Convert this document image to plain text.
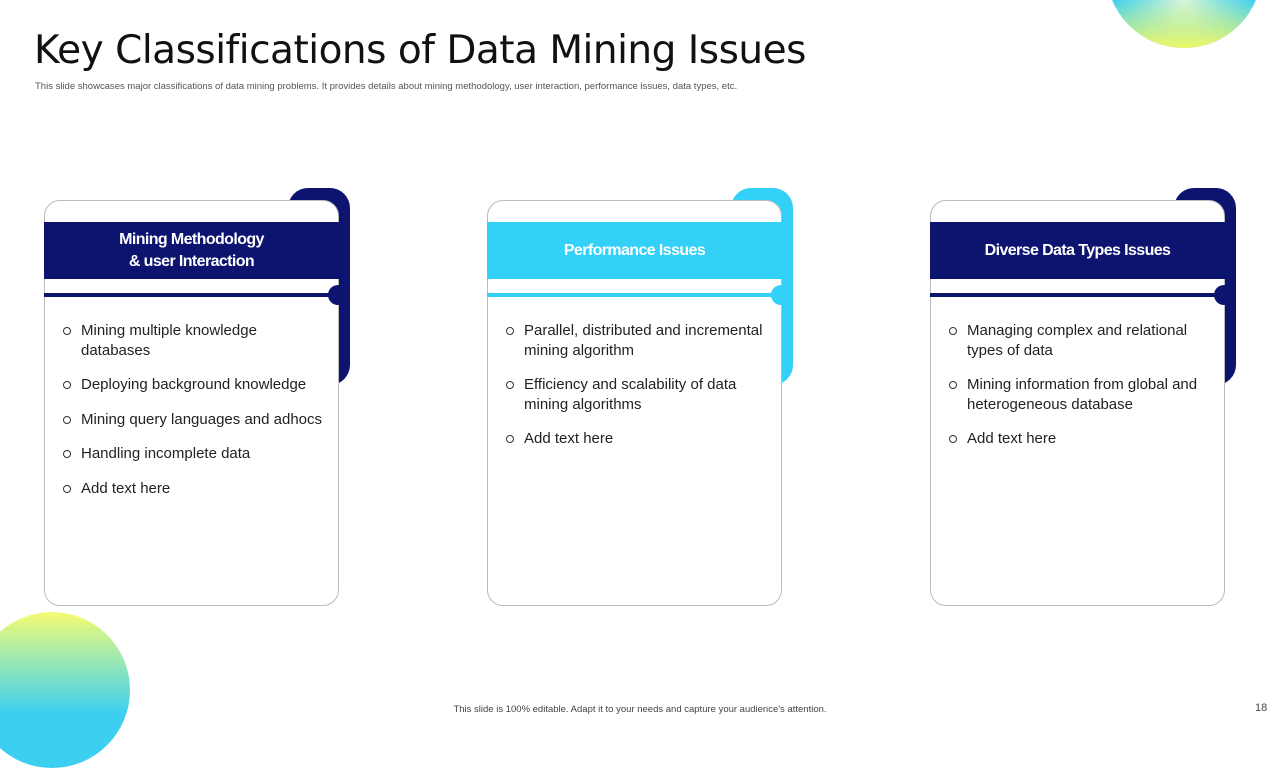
Key Classifications of Data Mining Issues
This slide showcases major classifications of data mining problems. It provides details about mining methodology, user interaction, performance issues, data types, etc.
Mining Methodology
& user Interaction
Mining multiple knowledge databases
Deploying background knowledge
Mining query languages and adhocs
Handling incomplete data
Add text here
Performance Issues
Parallel, distributed and incremental mining algorithm
Efficiency and scalability of data mining algorithms
Add text here
Diverse Data Types Issues
Managing complex and relational types of data
Mining information from global and heterogeneous database
Add text here
This slide is 100% editable. Adapt it to your needs and capture your audience's attention.	18
